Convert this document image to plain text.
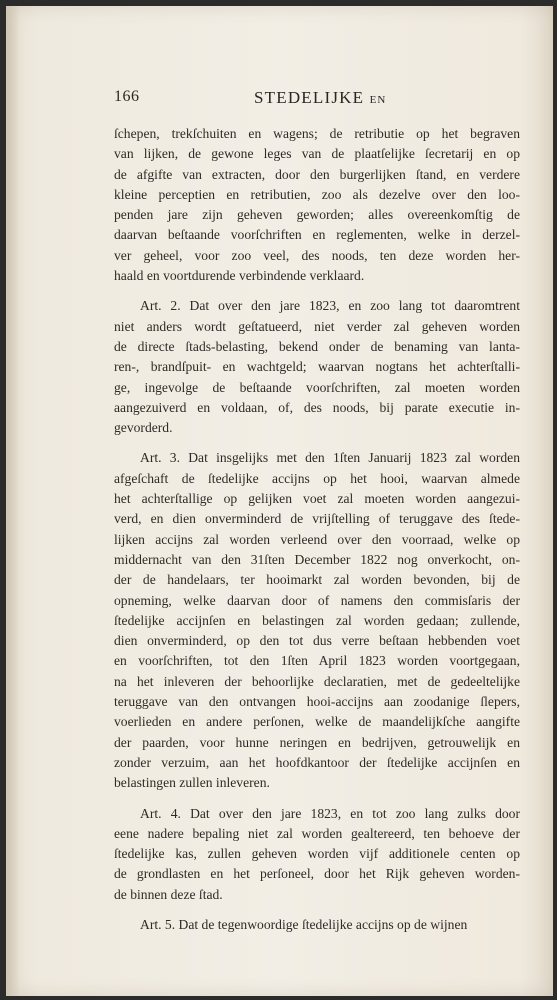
166	STEDELIJKE EN
ſchepen, trekſchuiten en wagens; de retributie op het begraven
van lijken, de gewone leges van de plaatſelijke ſecretarij en op
de afgifte van extracten, door den burgerlijken ſtand, en verdere
kleine perceptien en retributien, zoo als dezelve over den loo-
penden jare zijn geheven geworden; alles overeenkomſtig de
daarvan beſtaande voorſchriften en reglementen, welke in derzel-
ver geheel, voor zoo veel, des noods, ten deze worden her-
haald en voortdurende verbindende verklaard.
Art. 2. Dat over den jare 1823, en zoo lang tot daaromtrent
niet anders wordt geſtatueerd, niet verder zal geheven worden
de directe ſtads-belasting, bekend onder de benaming van lanta-
ren-, brandſpuit- en wachtgeld; waarvan nogtans het achterſtalli-
ge, ingevolge de beſtaande voorſchriften, zal moeten worden
aangezuiverd en voldaan, of, des noods, bij parate executie in-
gevorderd.
Art. 3. Dat insgelijks met den 1ſten Januarij 1823 zal worden
afgeſchaft de ſtedelijke accijns op het hooi, waarvan almede
het achterſtallige op gelijken voet zal moeten worden aangezui-
verd, en dien onverminderd de vrijſtelling of teruggave des ſtede-
lijken accijns zal worden verleend over den voorraad, welke op
middernacht van den 31ſten December 1822 nog onverkocht, on-
der de handelaars, ter hooimarkt zal worden bevonden, bij de
opneming, welke daarvan door of namens den commisſaris der
ſtedelijke accijnſen en belastingen zal worden gedaan; zullende,
dien onverminderd, op den tot dus verre beſtaan hebbenden voet
en voorſchriften, tot den 1ſten April 1823 worden voortgegaan,
na het inleveren der behoorlijke declaratien, met de gedeeltelijke
teruggave van den ontvangen hooi-accijns aan zoodanige ſlepers,
voerlieden en andere perſonen, welke de maandelijkſche aangifte
der paarden, voor hunne neringen en bedrijven, getrouwelijk en
zonder verzuim, aan het hoofdkantoor der ſtedelijke accijnſen en
belastingen zullen inleveren.
Art. 4. Dat over den jare 1823, en tot zoo lang zulks door
eene nadere bepaling niet zal worden gealtereerd, ten behoeve der
ſtedelijke kas, zullen geheven worden vijf additionele centen op
de grondlasten en het perſoneel, door het Rijk geheven worden-
de binnen deze ſtad.
Art. 5. Dat de tegenwoordige ſtedelijke accijns op de wijnen
